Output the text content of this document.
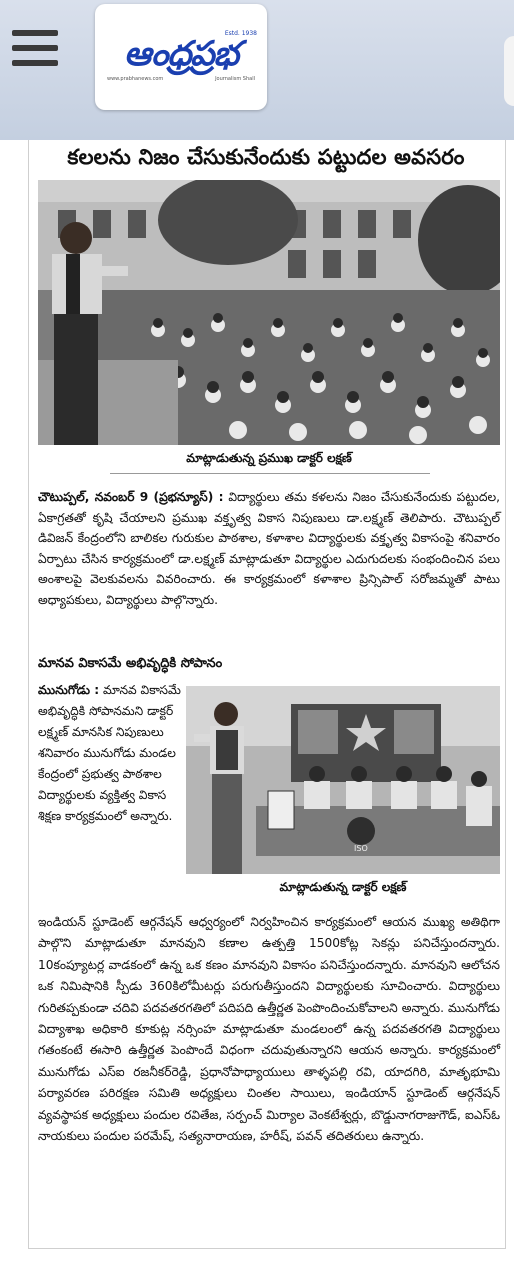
Estd. 1938
ఆంధ్రప్రభ
www.prabhanews.com	Journalism Shall
కలలను నిజం చేసుకునేందుకు పట్టుదల అవసరం
మాట్లాడుతున్న ప్రముఖ డాక్టర్ లక్షణ్
చౌటుప్పల్, నవంబర్ 9 (ప్రభన్యూస్) : విద్యార్థులు తమ కళలను నిజం చేసుకునేందుకు పట్టుదల, ఏకాగ్రతతో కృషి చేయాలని ప్రముఖ వక్తృత్వ వికాస నిపుణులు డా.లక్ష్మణ్ తెలిపారు. చౌటుప్పల్ డివిజన్ కేంద్రంలోని బాలికల గురుకుల పాఠశాల, కళాశాల విద్యార్థులకు వక్తృత్వ వికాసంపై శనివారం ఏర్పాటు చేసిన కార్యక్రమంలో డా.లక్ష్మణ్ మాట్లాడుతూ విద్యార్థుల ఎదుగుదలకు సంభందించిన పలు అంశాలపై వెలకువలను వివరించారు. ఈ కార్యక్రమంలో కళాశాల ప్రిన్సిపాల్ సరోజమ్మతో పాటు అధ్యాపకులు, విద్యార్థులు పాల్గొన్నారు.
మానవ వికాసమే అభివృద్ధికి సోపానం
మునుగోడు : మానవ వికాసమే అభివృద్ధికి సోపానమని డాక్టర్ లక్ష్మణ్ మానసిక నిపుణులు శనివారం మునుగోడు మండల కేంద్రంలో ప్రభుత్వ పాఠశాల విద్యార్థులకు వ్యక్తిత్వ వికాస శిక్షణ కార్యక్రమంలో అన్నారు.
ISO
మాట్లాడుతున్న డాక్టర్ లక్షణ్
ఇండియన్ స్టూడెంట్ ఆర్గనేషన్ ఆధ్వర్యంలో నిర్వహించిన కార్యక్రమంలో ఆయన ముఖ్య అతిథిగా పాల్గొని మాట్లాడుతూ మానవుని కణాల ఉత్పత్తి 1500కోట్ల సెకన్లు పనిచేస్తుందన్నారు. 10కంప్యూటర్ల వాడకంలో ఉన్న ఒక కణం మానవుని వికాసం పనిచేస్తుందన్నారు. మానవుని ఆలోచన ఒక నిమిషానికి స్పీడు 360కిలోమీటర్లు పరుగుతీస్తుందని విద్యార్థులకు సూచించారు. విద్యార్థులు గురితప్పకుండా చదివి పదవతరగతిలో పదిపది ఉత్తీర్ణత పెంపొందించుకోవాలని అన్నారు. మునుగోడు విద్యాశాఖ అధికారి కూకుట్ల నర్సింహ మాట్లాడుతూ మండలంలో ఉన్న పదవతరగతి విద్యార్థులు గతంకంటే ఈసారి ఉత్తీర్ణత పెంపొందే విధంగా చదువుతున్నారని ఆయన అన్నారు. కార్యక్రమంలో మునుగోడు ఎస్ఐ రజనీకర్‌రెడ్డి, ప్రధానోపాధ్యాయులు తాళ్ళపల్లి రవి, యాదగిరి, మాతృభూమి పర్యావరణ పరిరక్షణ సమితి అధ్యక్షులు చింతల సాయిలు, ఇండియాన్ స్టూడెంట్ ఆర్గనేషన్ వ్యవస్థాపక అధ్యక్షులు పందుల రవితేజ, సర్పంచ్ మిర్యాల వెంకటేశ్వర్లు, బొడ్డునాగరాజుగౌడ్, ఐఎస్ఓ నాయకులు పందుల పరమేష్, సత్యనారాయణ, హరీష్, పవన్ తదితరులు ఉన్నారు.
